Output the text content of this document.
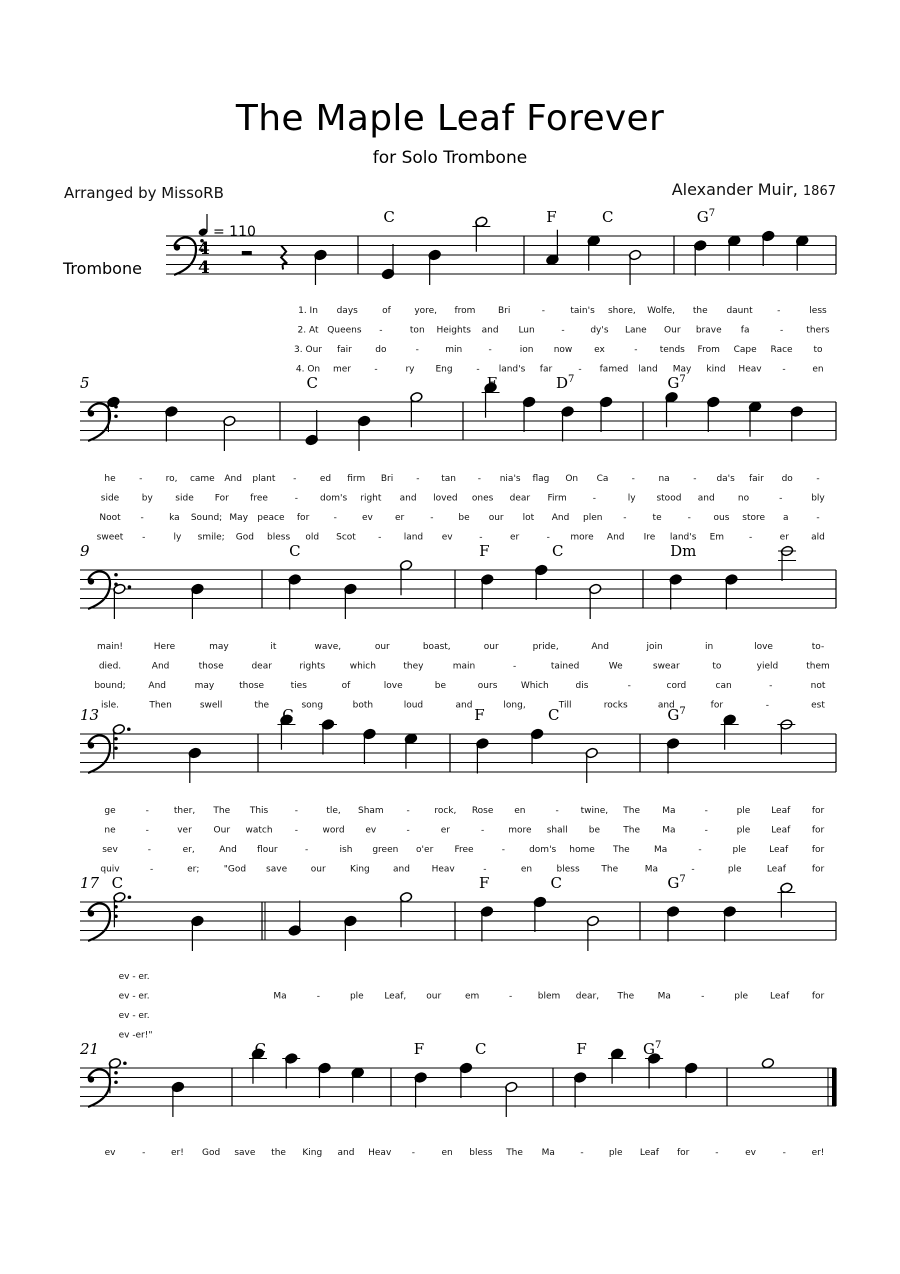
The Maple Leaf Forever
for Solo Trombone
Arranged by MissoRB	Alexander Muir, 1867
C	F	C	$G^7$
1. In days	of	yore, from	Bri	-	tain's shore, Wolfe, the daunt	-	less
2. At Queens -	ton Heights and Lun	-	dy's Lane Our brave fa	-	thers
3. Our fair	do	-	min	-	ion now ex	- tends From Cape Race to
4. On mer	-	ry Eng	- land's far	- famed land May kind Heav -	en
C	F	$D^7$	$G^7$
5
he	-	ro, came And plant -	ed firm Bri	- tan - nia's flag On Ca	-	na	- da's fair do	-
side	by	side For free	- dom's right and loved ones dear Firm	-	ly stood and	no	-	bly
Noot -	ka Sound; May peace for	-	ev er	-	be our lot And plen -	te	-	ous store a	-
sweet -	ly smile; God bless old Scot - land ev	-	er	- more And Ire land's Em	-	er ald
C	F	C	Dm
9
main!	Here	may	it	wave,	our	boast,	our	pride,	And	join	in	love	to-
died.	And	those	dear	rights	which	they	main	-	tained	We	swear	to	yield	them
bound;	And	may	those	ties	of	love	be	ours	Which	dis	-	cord	can	-	not
isle.	Then	swell	the	song	both	loud	and	long,	Till	rocks	and	for	-	est
C	F	C	$G^7$
13
ge	-	ther, The This	-	tle, Sham	-	rock, Rose en	- twine, The Ma	-	ple Leaf for
ne	-	ver Our watch -	word ev	-	er	-	more shall be	The Ma	-	ple Leaf for
sev	-	er,	And flour	-	ish green o'er Free	-	dom's home The	Ma	-	ple	Leaf	for
quiv	-	er;	"God save	our	King	and Heav	-	en	bless The	Ma	-	ple	Leaf	for
C	F	C	$G^7$
17
ev - er.
ev - er.	Ma	-	ple Leaf, our	em	-	blem dear, The	Ma	-	ple Leaf	for
ev - er.
ev - er!"
C	F	C	F	$G^7$
21
ev	-	er! God save the King and Heav -	en bless The Ma	-	ple Leaf for	-	ev	-	er!
Trombone
4
4
= 110
